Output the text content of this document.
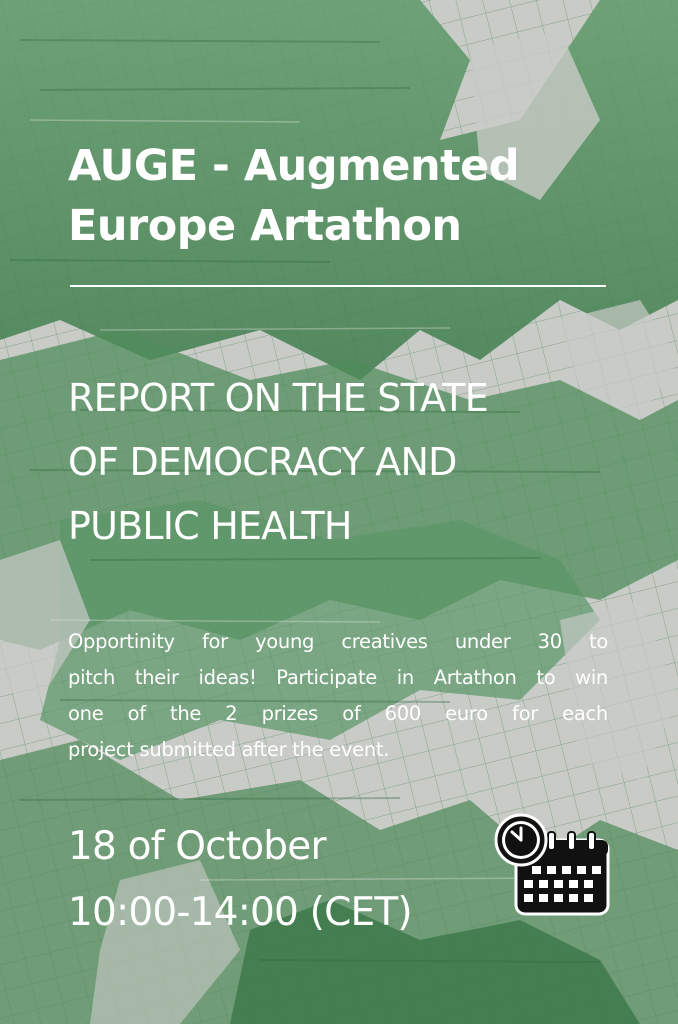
AUGE - Augmented
Europe Artathon
REPORT ON THE STATE
OF DEMOCRACY AND
PUBLIC HEALTH

Opportinity for young creatives under 30 to
pitch their ideas! Participate in Artathon to win
one of the 2 prizes of 600 euro for each
project submitted after the event.

18 of October
10:00-14:00 (CET)
